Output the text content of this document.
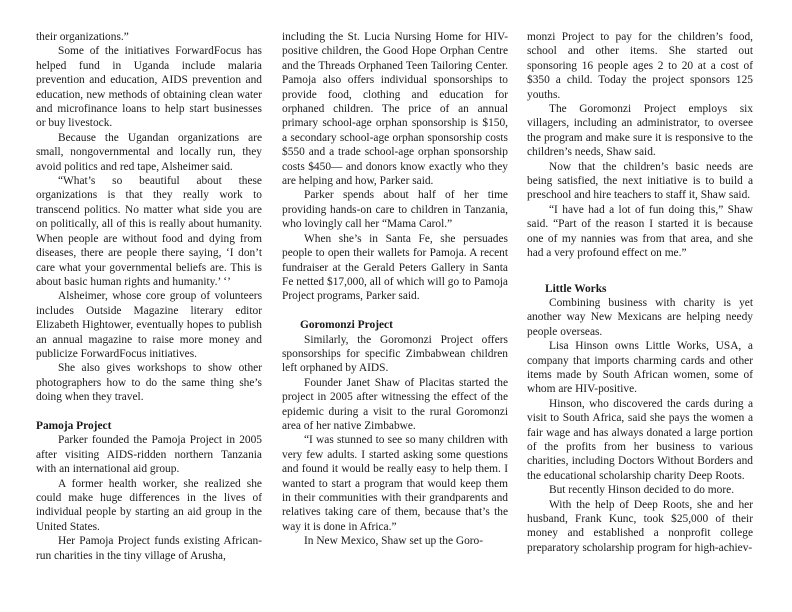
their organizations.”

Some of the initiatives ForwardFocus has helped fund in Uganda include malaria prevention and education, AIDS prevention and education, new methods of obtaining clean water and microfinance loans to help start businesses or buy livestock.

Because the Ugandan organizations are small, nongovernmental and locally run, they avoid politics and red tape, Alsheimer said.

“What’s so beautiful about these organizations is that they really work to transcend politics. No matter what side you are on politically, all of this is really about humanity. When people are without food and dying from diseases, there are people there saying, ‘I don’t care what your governmental beliefs are. This is about basic human rights and humanity.’ ‘’

Alsheimer, whose core group of volunteers includes Outside Magazine literary editor Elizabeth Hightower, eventually hopes to publish an annual magazine to raise more money and publicize ForwardFocus initiatives.

She also gives workshops to show other photographers how to do the same thing she’s doing when they travel.

Pamoja Project

Parker founded the Pamoja Project in 2005 after visiting AIDS-ridden northern Tanzania with an international aid group.

A former health worker, she realized she could make huge differences in the lives of individual people by starting an aid group in the United States.

Her Pamoja Project funds existing African-run charities in the tiny village of Arusha,

including the St. Lucia Nursing Home for HIV-positive children, the Good Hope Orphan Centre and the Threads Orphaned Teen Tailoring Center. Pamoja also offers individual sponsorships to provide food, clothing and education for orphaned children. The price of an annual primary school-age orphan sponsorship is $150, a secondary school-age orphan sponsorship costs $550 and a trade school-age orphan sponsorship costs $450— and donors know exactly who they are helping and how, Parker said.

Parker spends about half of her time providing hands-on care to children in Tanzania, who lovingly call her “Mama Carol.”

When she’s in Santa Fe, she persuades people to open their wallets for Pamoja. A recent fundraiser at the Gerald Peters Gallery in Santa Fe netted $17,000, all of which will go to Pamoja Project programs, Parker said.

Goromonzi Project

Similarly, the Goromonzi Project offers sponsorships for specific Zimbabwean children left orphaned by AIDS.

Founder Janet Shaw of Placitas started the project in 2005 after witnessing the effect of the epidemic during a visit to the rural Goromonzi area of her native Zimbabwe.

“I was stunned to see so many children with very few adults. I started asking some questions and found it would be really easy to help them. I wanted to start a program that would keep them in their communities with their grandparents and relatives taking care of them, because that’s the way it is done in Africa.”

In New Mexico, Shaw set up the Goro-

monzi Project to pay for the children’s food, school and other items. She started out sponsoring 16 people ages 2 to 20 at a cost of $350 a child. Today the project sponsors 125 youths.

The Goromonzi Project employs six villagers, including an administrator, to oversee the program and make sure it is responsive to the children’s needs, Shaw said.

Now that the children’s basic needs are being satisfied, the next initiative is to build a preschool and hire teachers to staff it, Shaw said.

“I have had a lot of fun doing this,” Shaw said. “Part of the reason I started it is because one of my nannies was from that area, and she had a very profound effect on me.”

Little Works

Combining business with charity is yet another way New Mexicans are helping needy people overseas.

Lisa Hinson owns Little Works, USA, a company that imports charming cards and other items made by South African women, some of whom are HIV-positive.

Hinson, who discovered the cards during a visit to South Africa, said she pays the women a fair wage and has always donated a large portion of the profits from her business to various charities, including Doctors Without Borders and the educational scholarship charity Deep Roots.

But recently Hinson decided to do more.

With the help of Deep Roots, she and her husband, Frank Kunc, took $25,000 of their money and established a nonprofit college preparatory scholarship program for high-achiev-
